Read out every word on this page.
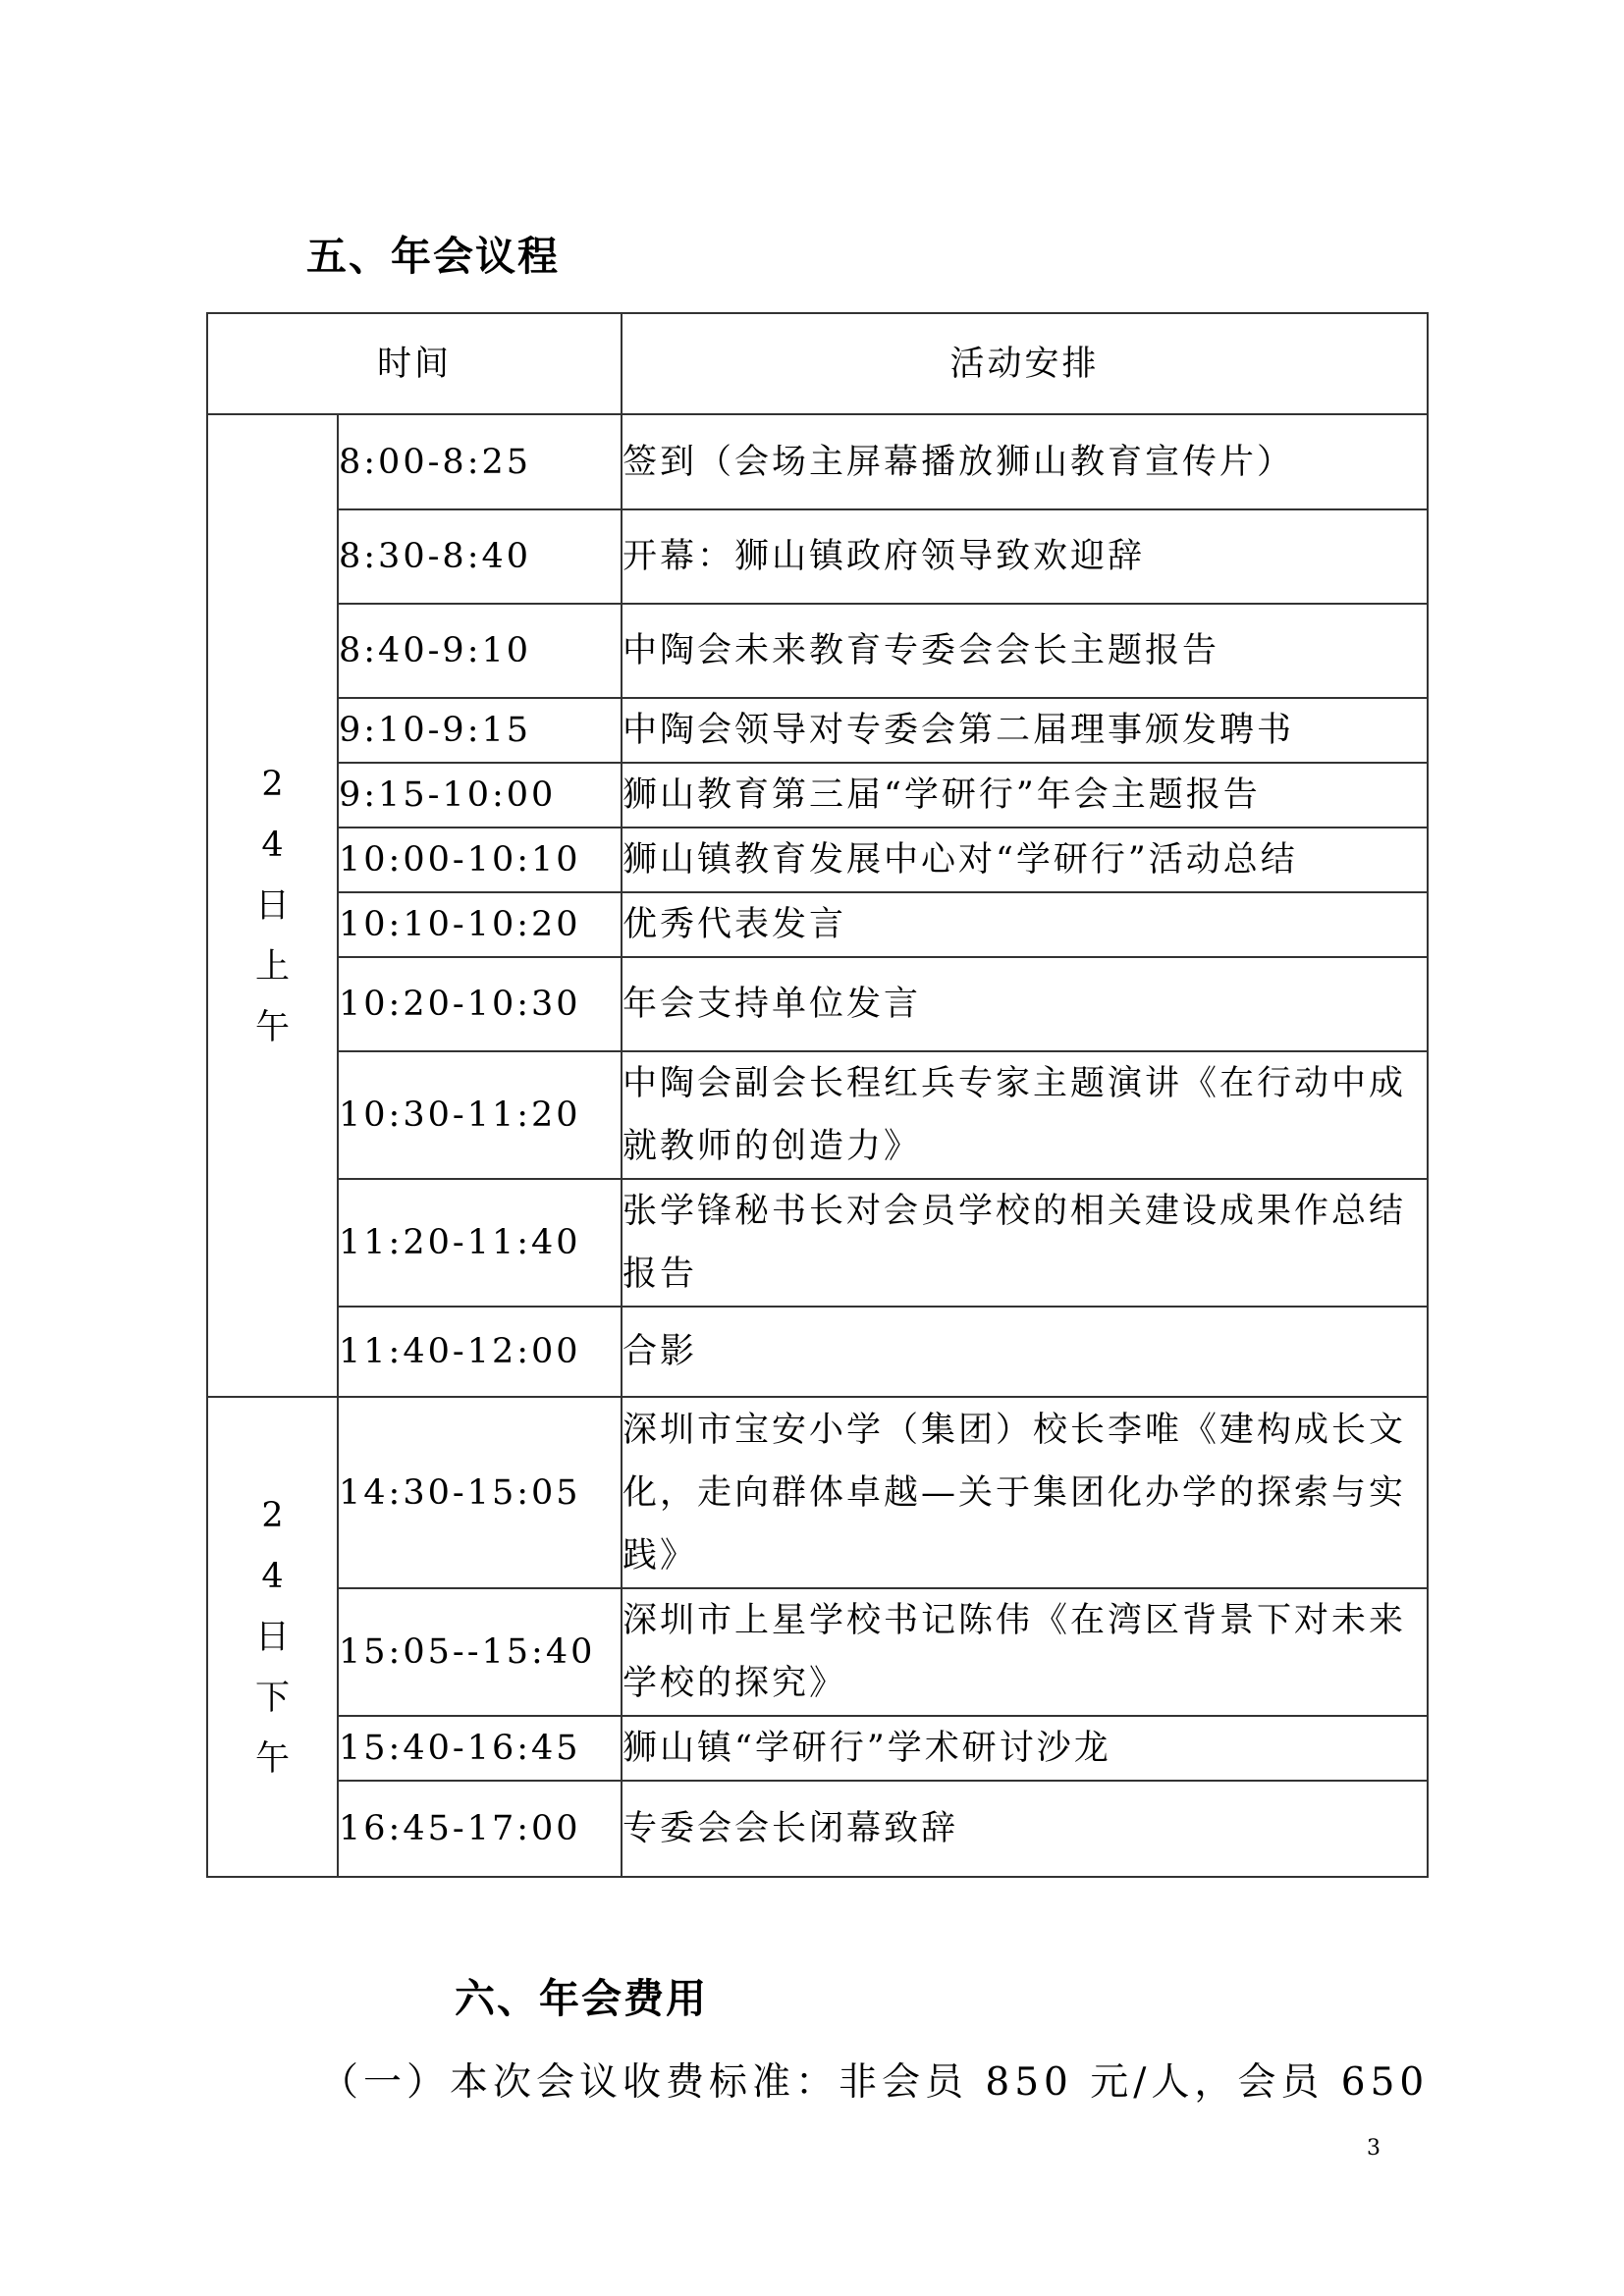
五、年会议程
时间		活动安排

24日上午	8:00-8:25	签到（会场主屏幕播放狮山教育宣传片）
	8:30-8:40	开幕：狮山镇政府领导致欢迎辞
	8:40-9:10	中陶会未来教育专委会会长主题报告
	9:10-9:15	中陶会领导对专委会第二届理事颁发聘书
	9:15-10:00	狮山教育第三届“学研行”年会主题报告
	10:00-10:10	狮山镇教育发展中心对“学研行”活动总结
	10:10-10:20	优秀代表发言
	10:20-10:30	年会支持单位发言
	10:30-11:20	中陶会副会长程红兵专家主题演讲《在行动中成就教师的创造力》
	11:20-11:40	张学锋秘书长对会员学校的相关建设成果作总结报告
	11:40-12:00	合影

24日下午	14:30-15:05	深圳市宝安小学（集团）校长李唯《建构成长文化，走向群体卓越—关于集团化办学的探索与实践》
	15:05--15:40	深圳市上星学校书记陈伟《在湾区背景下对未来学校的探究》
	15:40-16:45	狮山镇“学研行”学术研讨沙龙
	16:45-17:00	专委会会长闭幕致辞
六、年会费用
（一）本次会议收费标准：非会员 850 元/人，会员 650
3
